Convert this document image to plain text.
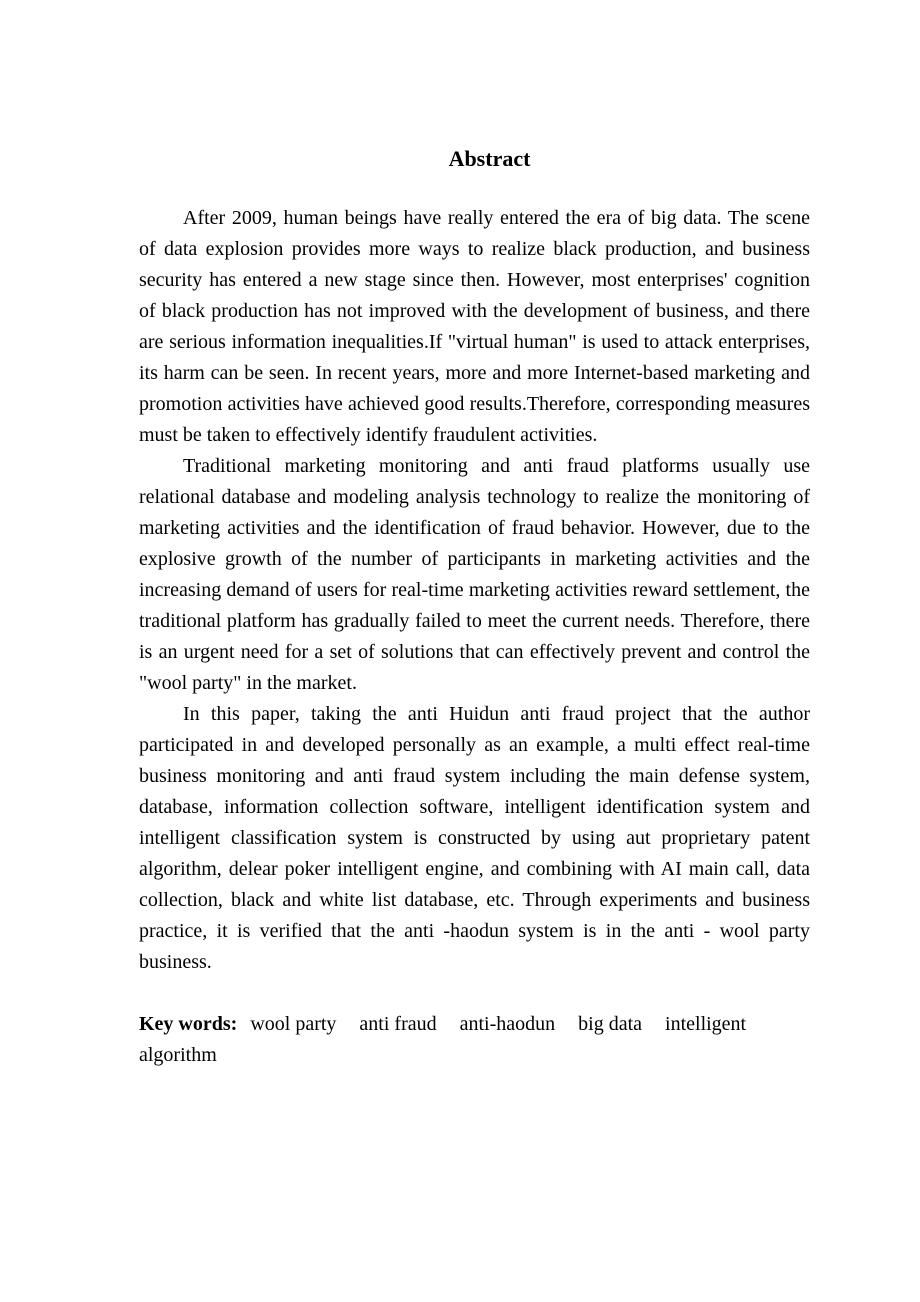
Abstract

After 2009, human beings have really entered the era of big data. The scene of data explosion provides more ways to realize black production, and business security has entered a new stage since then. However, most enterprises' cognition of black production has not improved with the development of business, and there are serious information inequalities.If "virtual human" is used to attack enterprises, its harm can be seen. In recent years, more and more Internet-based marketing and promotion activities have achieved good results.Therefore, corresponding measures must be taken to effectively identify fraudulent activities.

Traditional marketing monitoring and anti fraud platforms usually use relational database and modeling analysis technology to realize the monitoring of marketing activities and the identification of fraud behavior. However, due to the explosive growth of the number of participants in marketing activities and the increasing demand of users for real-time marketing activities reward settlement, the traditional platform has gradually failed to meet the current needs. Therefore, there is an urgent need for a set of solutions that can effectively prevent and control the "wool party" in the market.

In this paper, taking the anti Huidun anti fraud project that the author participated in and developed personally as an example, a multi effect real-time business monitoring and anti fraud system including the main defense system, database, information collection software, intelligent identification system and intelligent classification system is constructed by using aut proprietary patent algorithm, delear poker intelligent engine, and combining with AI main call, data collection, black and white list database, etc. Through experiments and business practice, it is verified that the anti -haodun system is in the anti - wool party business.

Key words: wool party anti fraud anti-haodun big data intelligent algorithm
